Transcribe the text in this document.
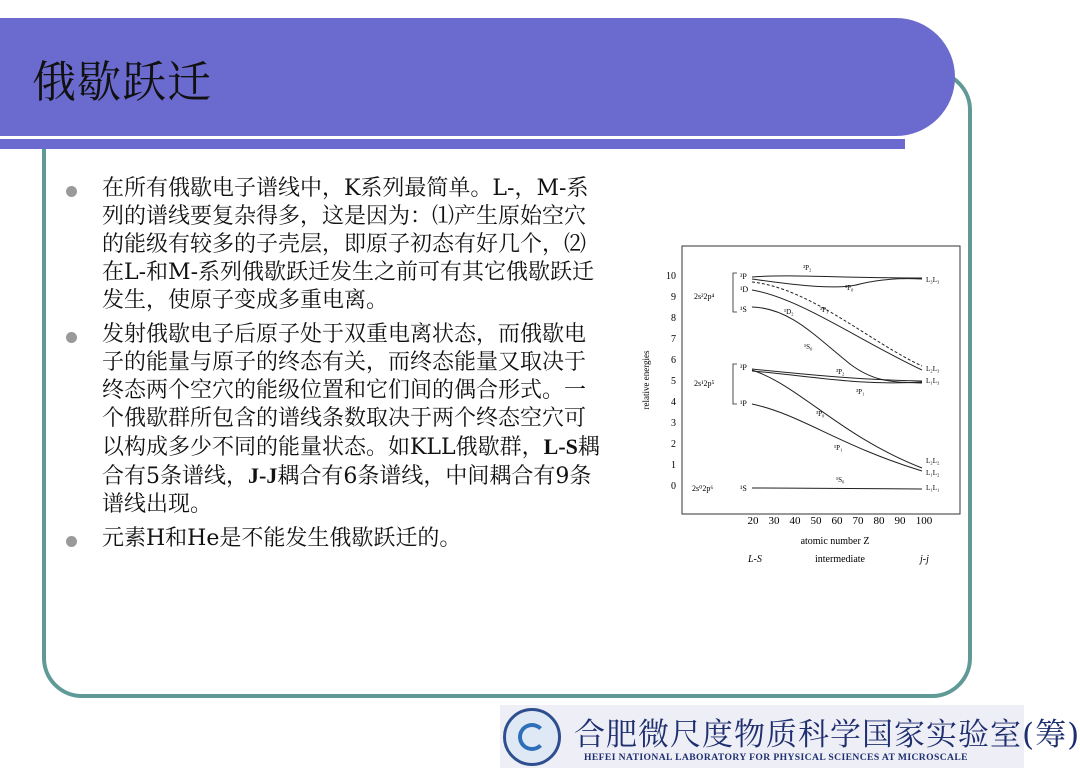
俄歇跃迁
在所有俄歇电子谱线中，K系列最简单。L-，M-系列的谱线要复杂得多，这是因为：⑴产生原始空穴的能级有较多的子壳层，即原子初态有好几个，⑵在L-和M-系列俄歇跃迁发生之前可有其它俄歇跃迁发生，使原子变成多重电离。
发射俄歇电子后原子处于双重电离状态，而俄歇电子的能量与原子的终态有关，而终态能量又取决于终态两个空穴的能级位置和它们间的偶合形式。一个俄歇群所包含的谱线条数取决于两个终态空穴可以构成多少不同的能量状态。如KLL俄歇群，L-S耦合有5条谱线，J-J耦合有6条谱线，中间耦合有9条谱线出现。
元素H和He是不能发生俄歇跃迁的。
relative energies
10
9
8
7
6
5
4
3
2
1
0
2s²2p⁴
2s¹2p⁵
2s⁰2p⁶
³P
¹D
¹S
³P
¹P
¹S
³P₂
³P₀
¹D₂	³P₁
¹S₀
³P₂
³P₁
³P₀
¹P₁
¹S₀
L₃L₃
L₂L₃
L₁L₃
L₂L₂
L₁L₂
L₁L₁
20 30 40 50 60 70 80 90 100
atomic number Z
L-S	intermediate	j-j
合肥微尺度物质科学国家实验室(筹)
HEFEI NATIONAL LABORATORY FOR PHYSICAL SCIENCES AT MICROSCALE
